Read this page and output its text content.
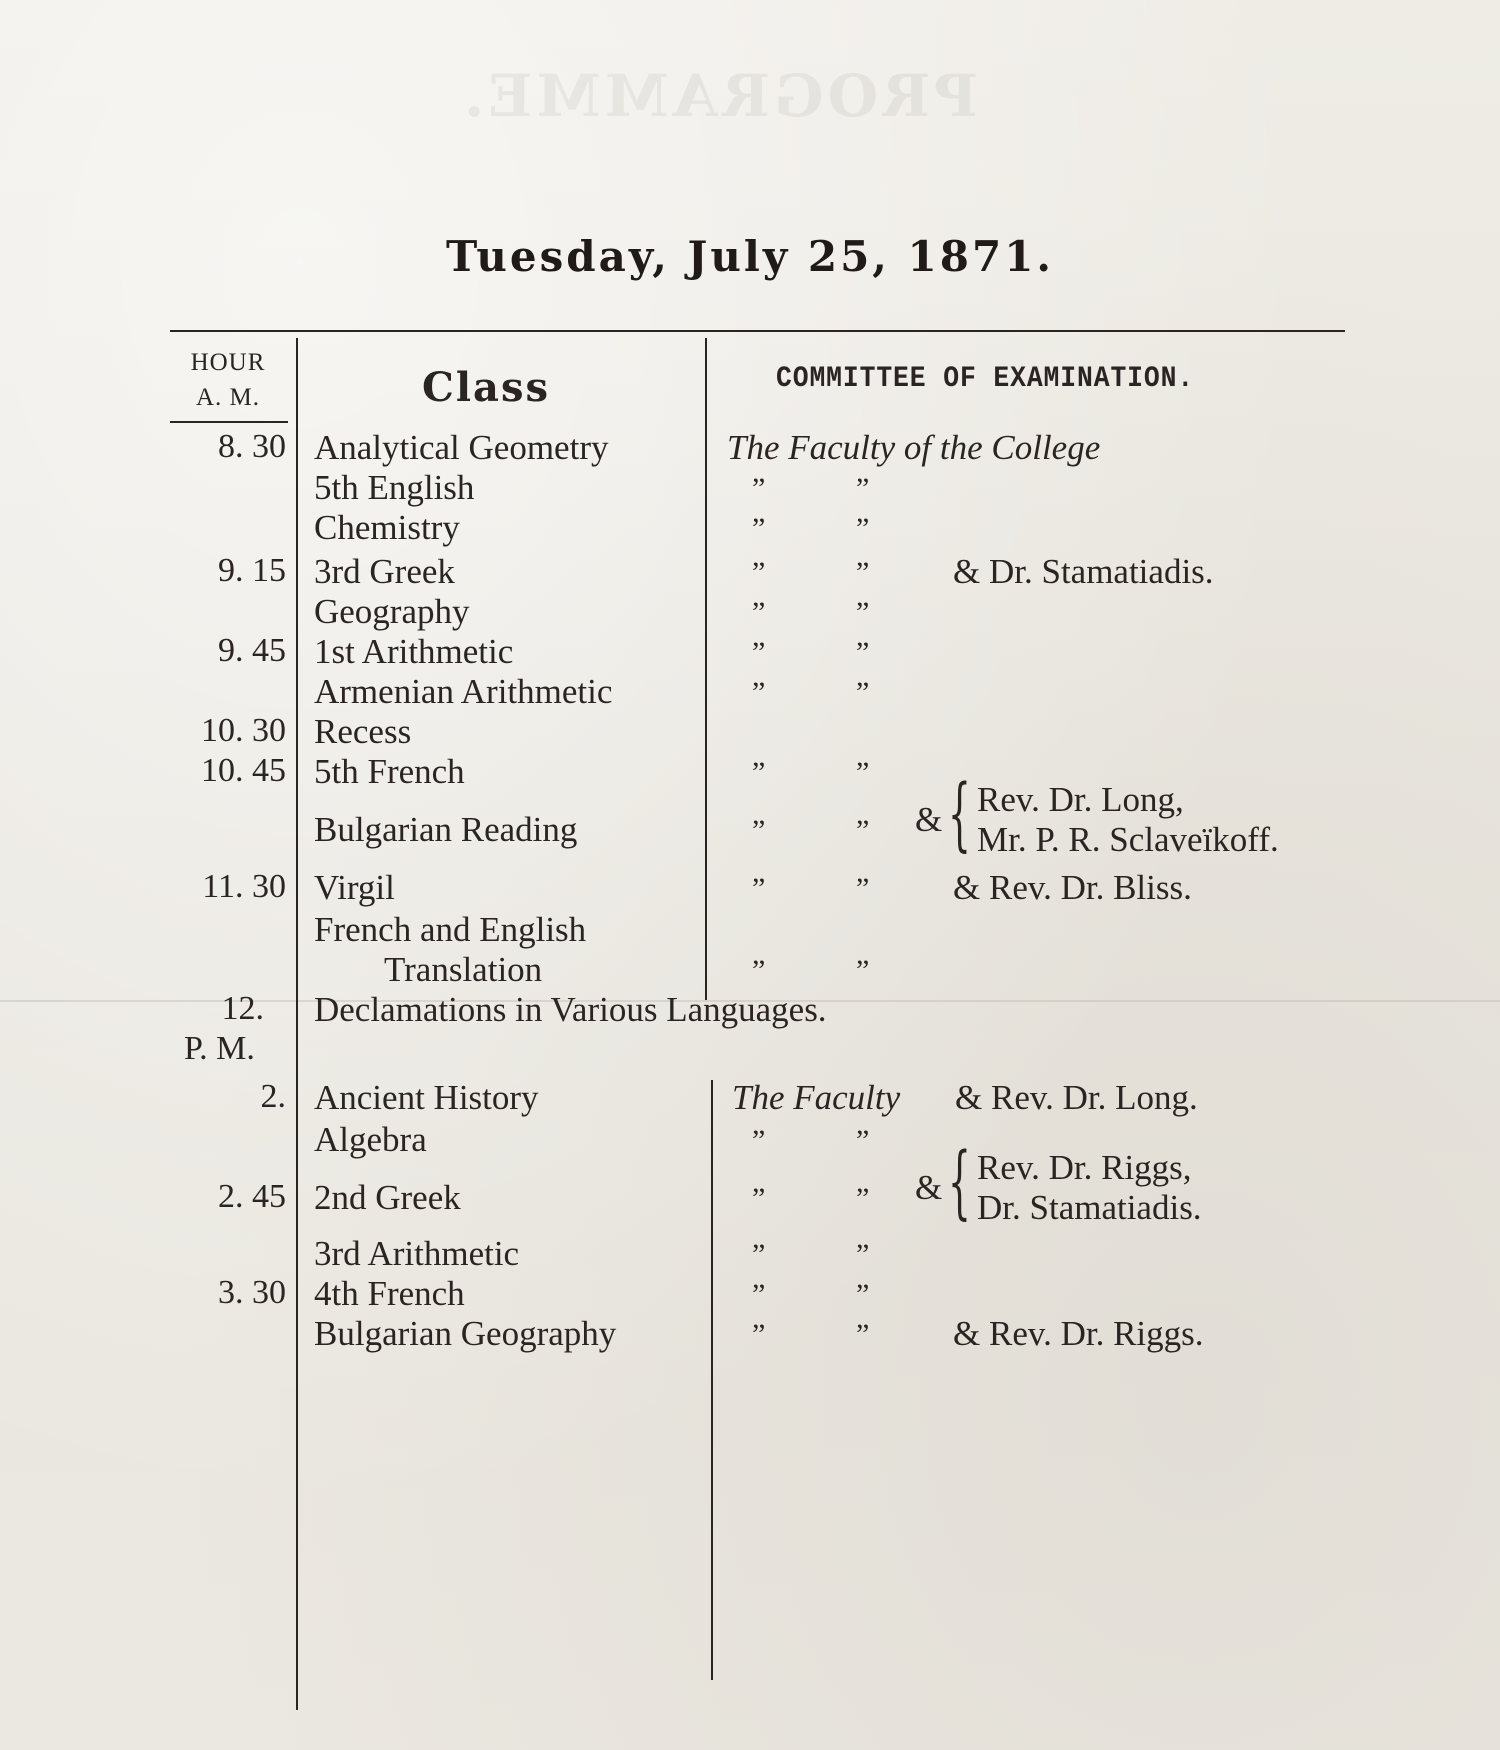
PROGRAMME.
Tuesday, July 25, 1871.
HOUR
A. M.	Class	COMMITTEE OF EXAMINATION.
8. 30 Analytical Geometry	The Faculty of the College
5th English	”	”
Chemistry	”	”
9. 15 3rd Greek	”	” & Dr. Stamatiadis.
Geography	”	”
9. 45 1st Arithmetic	”	”
Armenian Arithmetic	”	”
10. 30 Recess
10. 45 5th French	”	”
Bulgarian Reading	”	” & { Rev. Dr. Long,
Mr. P. R. Sclaveïkoff.
11. 30 Virgil	”	” & Rev. Dr. Bliss.
French and English
Translation	”	”
12. Declamations in Various Languages.
P. M.
2. Ancient History	The Faculty & Rev. Dr. Long.
Algebra	”	”
2. 45 2nd Greek	”	” & { Rev. Dr. Riggs,
Dr. Stamatiadis.
3rd Arithmetic	”	”
3. 30 4th French	”	”
Bulgarian Geography	”	” & Rev. Dr. Riggs.
